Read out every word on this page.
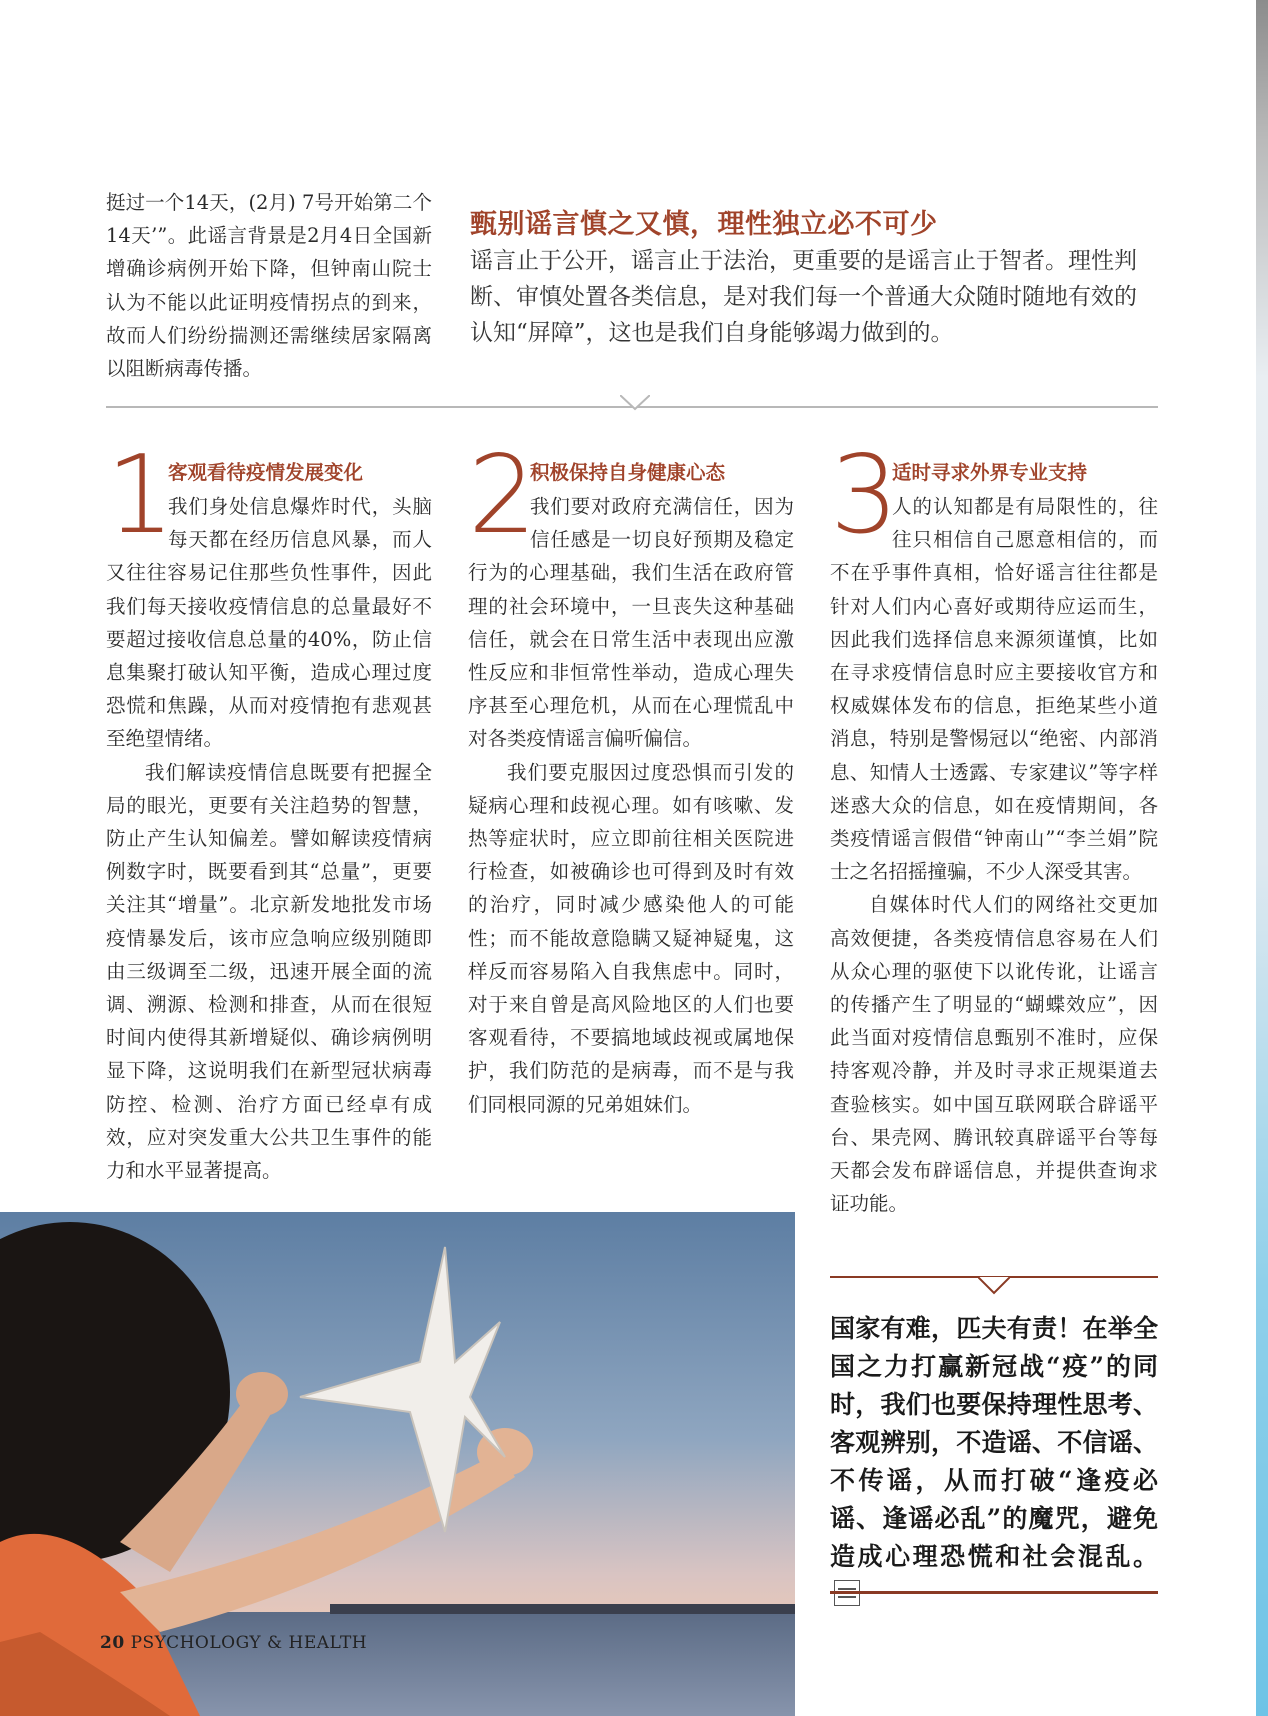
挺过一个14天，(2月) 7号开始第二个14天’”。此谣言背景是2月4日全国新增确诊病例开始下降，但钟南山院士认为不能以此证明疫情拐点的到来，故而人们纷纷揣测还需继续居家隔离以阻断病毒传播。
甄别谣言慎之又慎，理性独立必不可少
谣言止于公开，谣言止于法治，更重要的是谣言止于智者。理性判断、审慎处置各类信息，是对我们每一个普通大众随时随地有效的认知“屏障”，这也是我们自身能够竭力做到的。
1
客观看待疫情发展变化

我们身处信息爆炸时代，头脑每天都在经历信息风暴，而人又往往容易记住那些负性事件，因此我们每天接收疫情信息的总量最好不要超过接收信息总量的40%，防止信息集聚打破认知平衡，造成心理过度恐慌和焦躁，从而对疫情抱有悲观甚至绝望情绪。

我们解读疫情信息既要有把握全局的眼光，更要有关注趋势的智慧，防止产生认知偏差。譬如解读疫情病例数字时，既要看到其“总量”，更要关注其“增量”。北京新发地批发市场疫情暴发后，该市应急响应级别随即由三级调至二级，迅速开展全面的流调、溯源、检测和排查，从而在很短时间内使得其新增疑似、确诊病例明显下降，这说明我们在新型冠状病毒防控、检测、治疗方面已经卓有成效，应对突发重大公共卫生事件的能力和水平显著提高。

2
积极保持自身健康心态

我们要对政府充满信任，因为信任感是一切良好预期及稳定行为的心理基础，我们生活在政府管理的社会环境中，一旦丧失这种基础信任，就会在日常生活中表现出应激性反应和非恒常性举动，造成心理失序甚至心理危机，从而在心理慌乱中对各类疫情谣言偏听偏信。

我们要克服因过度恐惧而引发的疑病心理和歧视心理。如有咳嗽、发热等症状时，应立即前往相关医院进行检查，如被确诊也可得到及时有效的治疗，同时减少感染他人的可能性；而不能故意隐瞒又疑神疑鬼，这样反而容易陷入自我焦虑中。同时，对于来自曾是高风险地区的人们也要客观看待，不要搞地域歧视或属地保护，我们防范的是病毒，而不是与我们同根同源的兄弟姐妹们。

3
适时寻求外界专业支持

人的认知都是有局限性的，往往只相信自己愿意相信的，而不在乎事件真相，恰好谣言往往都是针对人们内心喜好或期待应运而生，因此我们选择信息来源须谨慎，比如在寻求疫情信息时应主要接收官方和权威媒体发布的信息，拒绝某些小道消息，特别是警惕冠以“绝密、内部消息、知情人士透露、专家建议”等字样迷惑大众的信息，如在疫情期间，各类疫情谣言假借“钟南山”“李兰娟”院士之名招摇撞骗，不少人深受其害。

自媒体时代人们的网络社交更加高效便捷，各类疫情信息容易在人们从众心理的驱使下以讹传讹，让谣言的传播产生了明显的“蝴蝶效应”，因此当面对疫情信息甄别不准时，应保持客观冷静，并及时寻求正规渠道去查验核实。如中国互联网联合辟谣平台、果壳网、腾讯较真辟谣平台等每天都会发布辟谣信息，并提供查询求证功能。

20 PSYCHOLOGY & HEALTH
国家有难，匹夫有责！在举全国之力打赢新冠战“疫”的同时，我们也要保持理性思考、客观辨别，不造谣、不信谣、不传谣，从而打破“逢疫必谣、逢谣必乱”的魔咒，避免造成心理恐慌和社会混乱。
